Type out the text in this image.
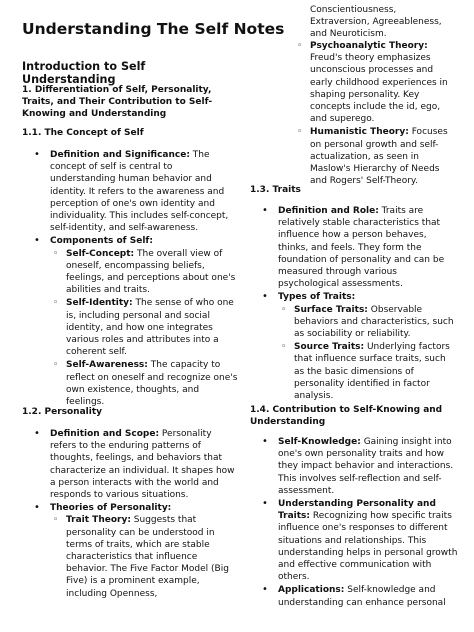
Understanding The Self Notes
Introduction to Self Understanding
1. Differentiation of Self, Personality, Traits, and Their Contribution to Self-Knowing and Understanding
1.1. The Concept of Self
• Definition and Significance: The concept of self is central to understanding human behavior and identity. It refers to the awareness and perception of one's own identity and individuality. This includes self-concept, self-identity, and self-awareness.
• Components of Self:
◦ Self-Concept: The overall view of oneself, encompassing beliefs, feelings, and perceptions about one's abilities and traits.
◦ Self-Identity: The sense of who one is, including personal and social identity, and how one integrates various roles and attributes into a coherent self.
◦ Self-Awareness: The capacity to reflect on oneself and recognize one's own existence, thoughts, and feelings.
1.2. Personality
• Definition and Scope: Personality refers to the enduring patterns of thoughts, feelings, and behaviors that characterize an individual. It shapes how a person interacts with the world and responds to various situations.
• Theories of Personality:
◦ Trait Theory: Suggests that personality can be understood in terms of traits, which are stable characteristics that influence behavior. The Five Factor Model (Big Five) is a prominent example, including Openness,
Conscientiousness, Extraversion, Agreeableness, and Neuroticism.
◦ Psychoanalytic Theory: Freud's theory emphasizes unconscious processes and early childhood experiences in shaping personality. Key concepts include the id, ego, and superego.
◦ Humanistic Theory: Focuses on personal growth and self-actualization, as seen in Maslow's Hierarchy of Needs and Rogers' Self-Theory.
1.3. Traits
• Definition and Role: Traits are relatively stable characteristics that influence how a person behaves, thinks, and feels. They form the foundation of personality and can be measured through various psychological assessments.
• Types of Traits:
◦ Surface Traits: Observable behaviors and characteristics, such as sociability or reliability.
◦ Source Traits: Underlying factors that influence surface traits, such as the basic dimensions of personality identified in factor analysis.
1.4. Contribution to Self-Knowing and Understanding
• Self-Knowledge: Gaining insight into one's own personality traits and how they impact behavior and interactions. This involves self-reflection and self-assessment.
• Understanding Personality and Traits: Recognizing how specific traits influence one's responses to different situations and relationships. This understanding helps in personal growth and effective communication with others.
• Applications: Self-knowledge and understanding can enhance personal
